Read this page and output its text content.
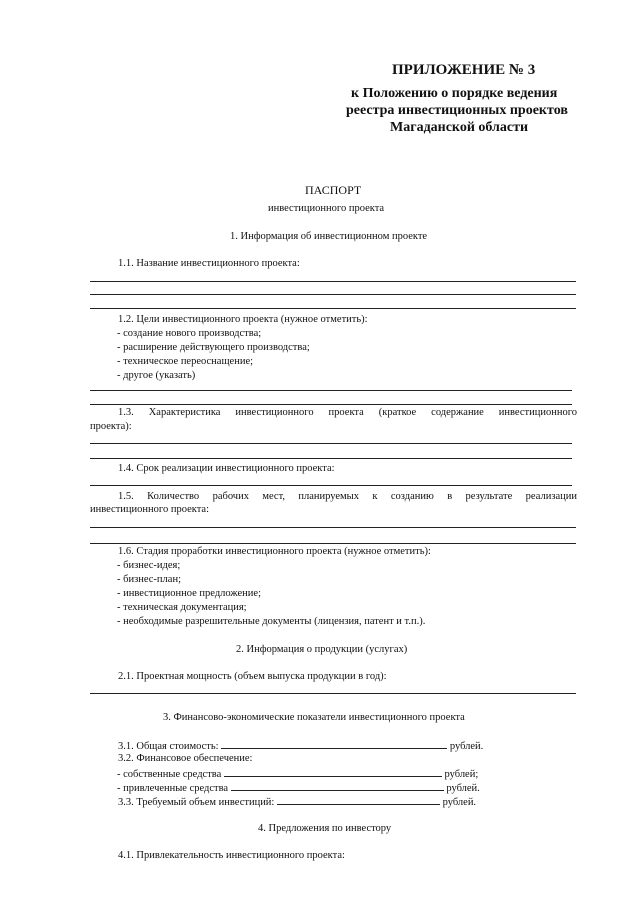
ПРИЛОЖЕНИЕ № 3
к Положению о порядке ведения
реестра инвестиционных проектов
Магаданской области
ПАСПОРТ
инвестиционного проекта
1. Информация об инвестиционном проекте
1.1. Название инвестиционного проекта:
1.2. Цели инвестиционного проекта (нужное отметить):
- создание нового производства;
- расширение действующего производства;
- техническое переоснащение;
- другое (указать)
1.3. Характеристика инвестиционного проекта (краткое содержание инвестиционного
проекта):
1.4. Срок реализации инвестиционного проекта:
1.5. Количество рабочих мест, планируемых к созданию в результате реализации
инвестиционного проекта:
1.6. Стадия проработки инвестиционного проекта (нужное отметить):
- бизнес-идея;
- бизнес-план;
- инвестиционное предложение;
- техническая документация;
- необходимые разрешительные документы (лицензия, патент и т.п.).
2. Информация о продукции (услугах)
2.1. Проектная мощность (объем выпуска продукции в год):
3. Финансово-экономические показатели инвестиционного проекта
3.1. Общая стоимость:	рублей.
3.2. Финансовое обеспечение:
- собственные средства	рублей;
- привлеченные средства	рублей.
3.3. Требуемый объем инвестиций:	рублей.
4. Предложения по инвестору
4.1. Привлекательность инвестиционного проекта:
